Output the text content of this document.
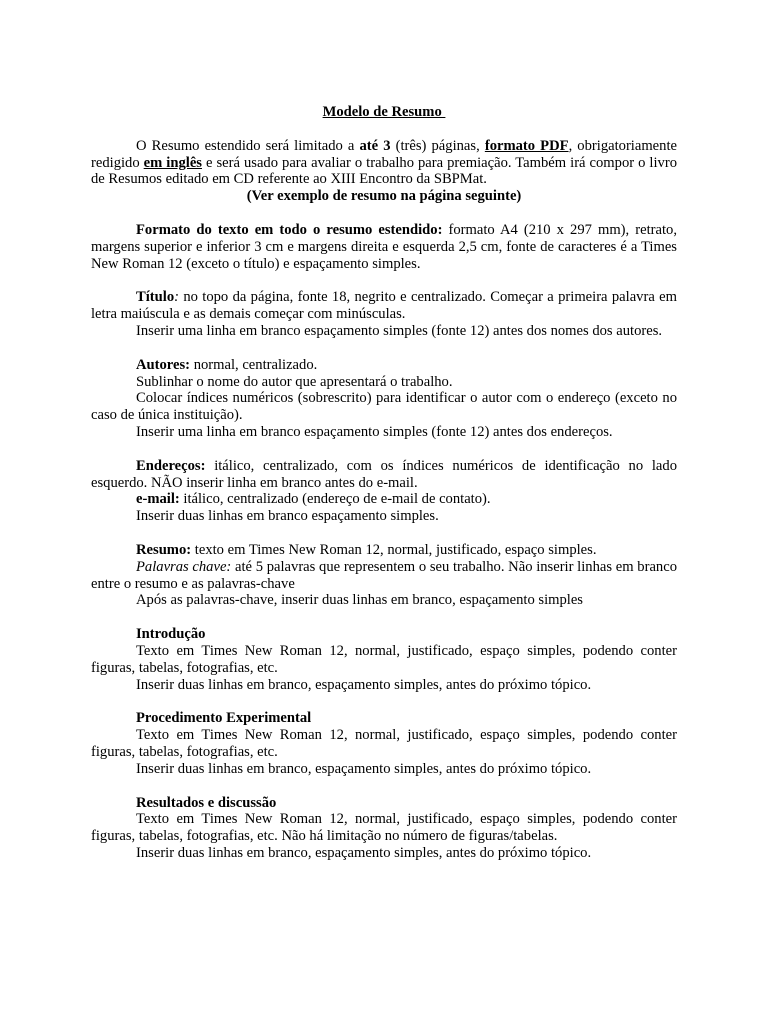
Modelo de Resumo

O Resumo estendido será limitado a até 3 (três) páginas, formato PDF, obrigatoriamente redigido em inglês e será usado para avaliar o trabalho para premiação. Também irá compor o livro de Resumos editado em CD referente ao XIII Encontro da SBPMat.

(Ver exemplo de resumo na página seguinte)

Formato do texto em todo o resumo estendido: formato A4 (210 x 297 mm), retrato, margens superior e inferior 3 cm e margens direita e esquerda 2,5 cm, fonte de caracteres é a Times New Roman 12 (exceto o título) e espaçamento simples.

Título: no topo da página, fonte 18, negrito e centralizado. Começar a primeira palavra em letra maiúscula e as demais começar com minúsculas.

Inserir uma linha em branco espaçamento simples (fonte 12) antes dos nomes dos autores.

Autores: normal, centralizado.

Sublinhar o nome do autor que apresentará o trabalho.

Colocar índices numéricos (sobrescrito) para identificar o autor com o endereço (exceto no caso de única instituição).

Inserir uma linha em branco espaçamento simples (fonte 12) antes dos endereços.

Endereços: itálico, centralizado, com os índices numéricos de identificação no lado esquerdo. NÃO inserir linha em branco antes do e-mail.

e-mail: itálico, centralizado (endereço de e-mail de contato).

Inserir duas linhas em branco espaçamento simples.

Resumo: texto em Times New Roman 12, normal, justificado, espaço simples.

Palavras chave: até 5 palavras que representem o seu trabalho. Não inserir linhas em branco entre o resumo e as palavras-chave

Após as palavras-chave, inserir duas linhas em branco, espaçamento simples

Introdução

Texto em Times New Roman 12, normal, justificado, espaço simples, podendo conter figuras, tabelas, fotografias, etc.

Inserir duas linhas em branco, espaçamento simples, antes do próximo tópico.

Procedimento Experimental

Texto em Times New Roman 12, normal, justificado, espaço simples, podendo conter figuras, tabelas, fotografias, etc.

Inserir duas linhas em branco, espaçamento simples, antes do próximo tópico.

Resultados e discussão

Texto em Times New Roman 12, normal, justificado, espaço simples, podendo conter figuras, tabelas, fotografias, etc. Não há limitação no número de figuras/tabelas.

Inserir duas linhas em branco, espaçamento simples, antes do próximo tópico.
